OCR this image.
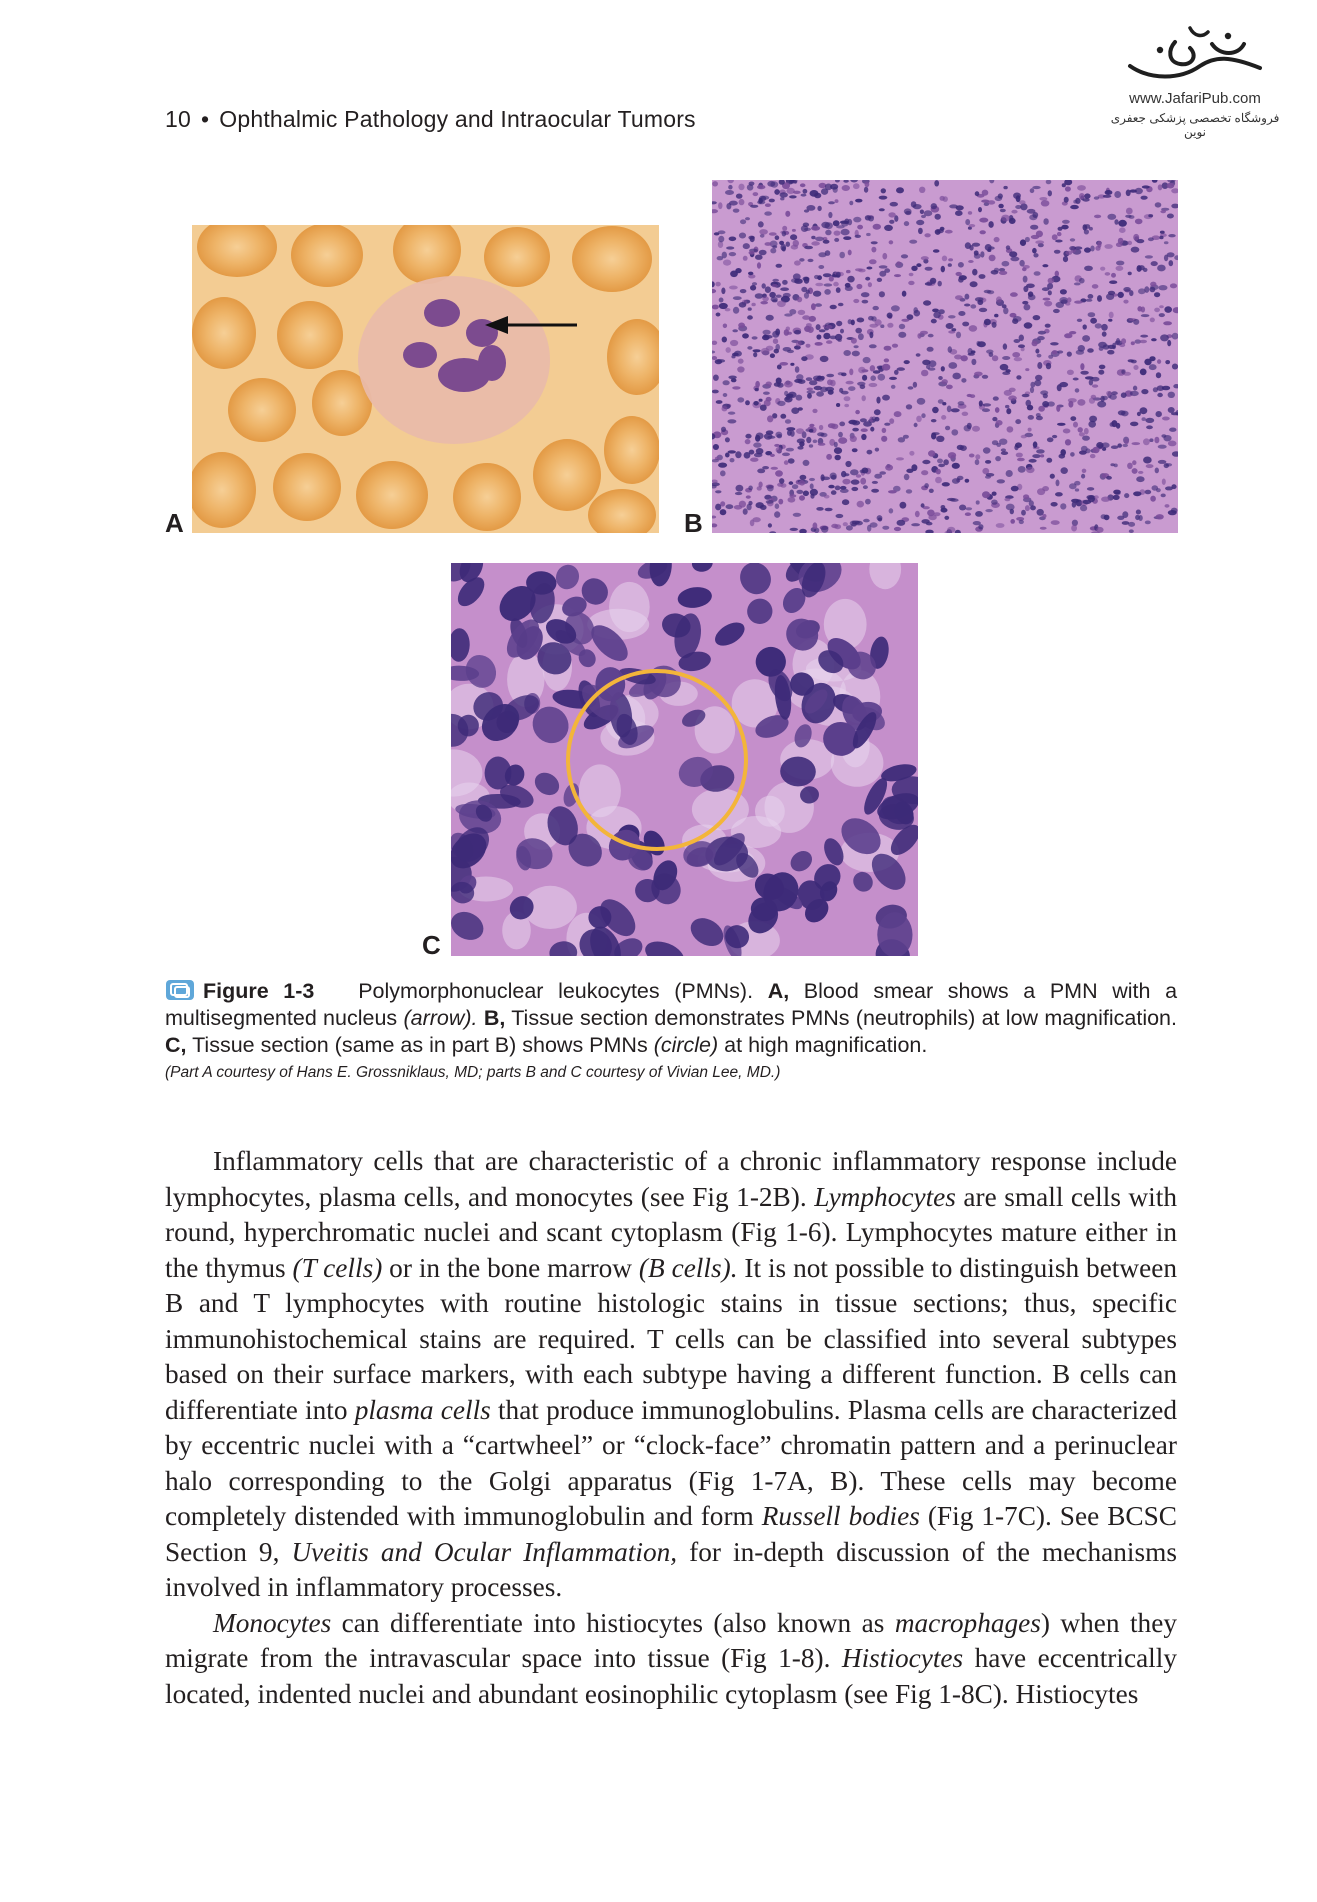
10 • Ophthalmic Pathology and Intraocular Tumors
www.JafariPub.com
فروشگاه تخصصی پزشکی جعفری نوین
A	B
C
Figure 1-3 Polymorphonuclear leukocytes (PMNs). A, Blood smear shows a PMN with a multisegmented nucleus (arrow). B, Tissue section demonstrates PMNs (neutrophils) at low magnification. C, Tissue section (same as in part B) shows PMNs (circle) at high magnification.
(Part A courtesy of Hans E. Grossniklaus, MD; parts B and C courtesy of Vivian Lee, MD.)

Inflammatory cells that are characteristic of a chronic inflammatory response include lymphocytes, plasma cells, and monocytes (see Fig 1-2B). Lymphocytes are small cells with round, hyperchromatic nuclei and scant cytoplasm (Fig 1-6). Lymphocytes mature either in the thymus (T cells) or in the bone marrow (B cells). It is not possible to distinguish between B and T lymphocytes with routine histologic stains in tissue sections; thus, specific immunohistochemical stains are required. T cells can be classified into several subtypes based on their surface markers, with each subtype having a different function. B cells can differentiate into plasma cells that produce immunoglobulins. Plasma cells are characterized by eccentric nuclei with a “cartwheel” or “clock-face” chromatin pattern and a perinuclear halo corresponding to the Golgi apparatus (Fig 1-7A, B). These cells may become completely distended with immunoglobulin and form Russell bodies (Fig 1-7C). See BCSC Section 9, Uveitis and Ocular Inflammation, for in-depth discussion of the mechanisms involved in inflammatory processes.

Monocytes can differentiate into histiocytes (also known as macrophages) when they migrate from the intravascular space into tissue (Fig 1-8). Histiocytes have eccentrically located, indented nuclei and abundant eosinophilic cytoplasm (see Fig 1-8C). Histiocytes
